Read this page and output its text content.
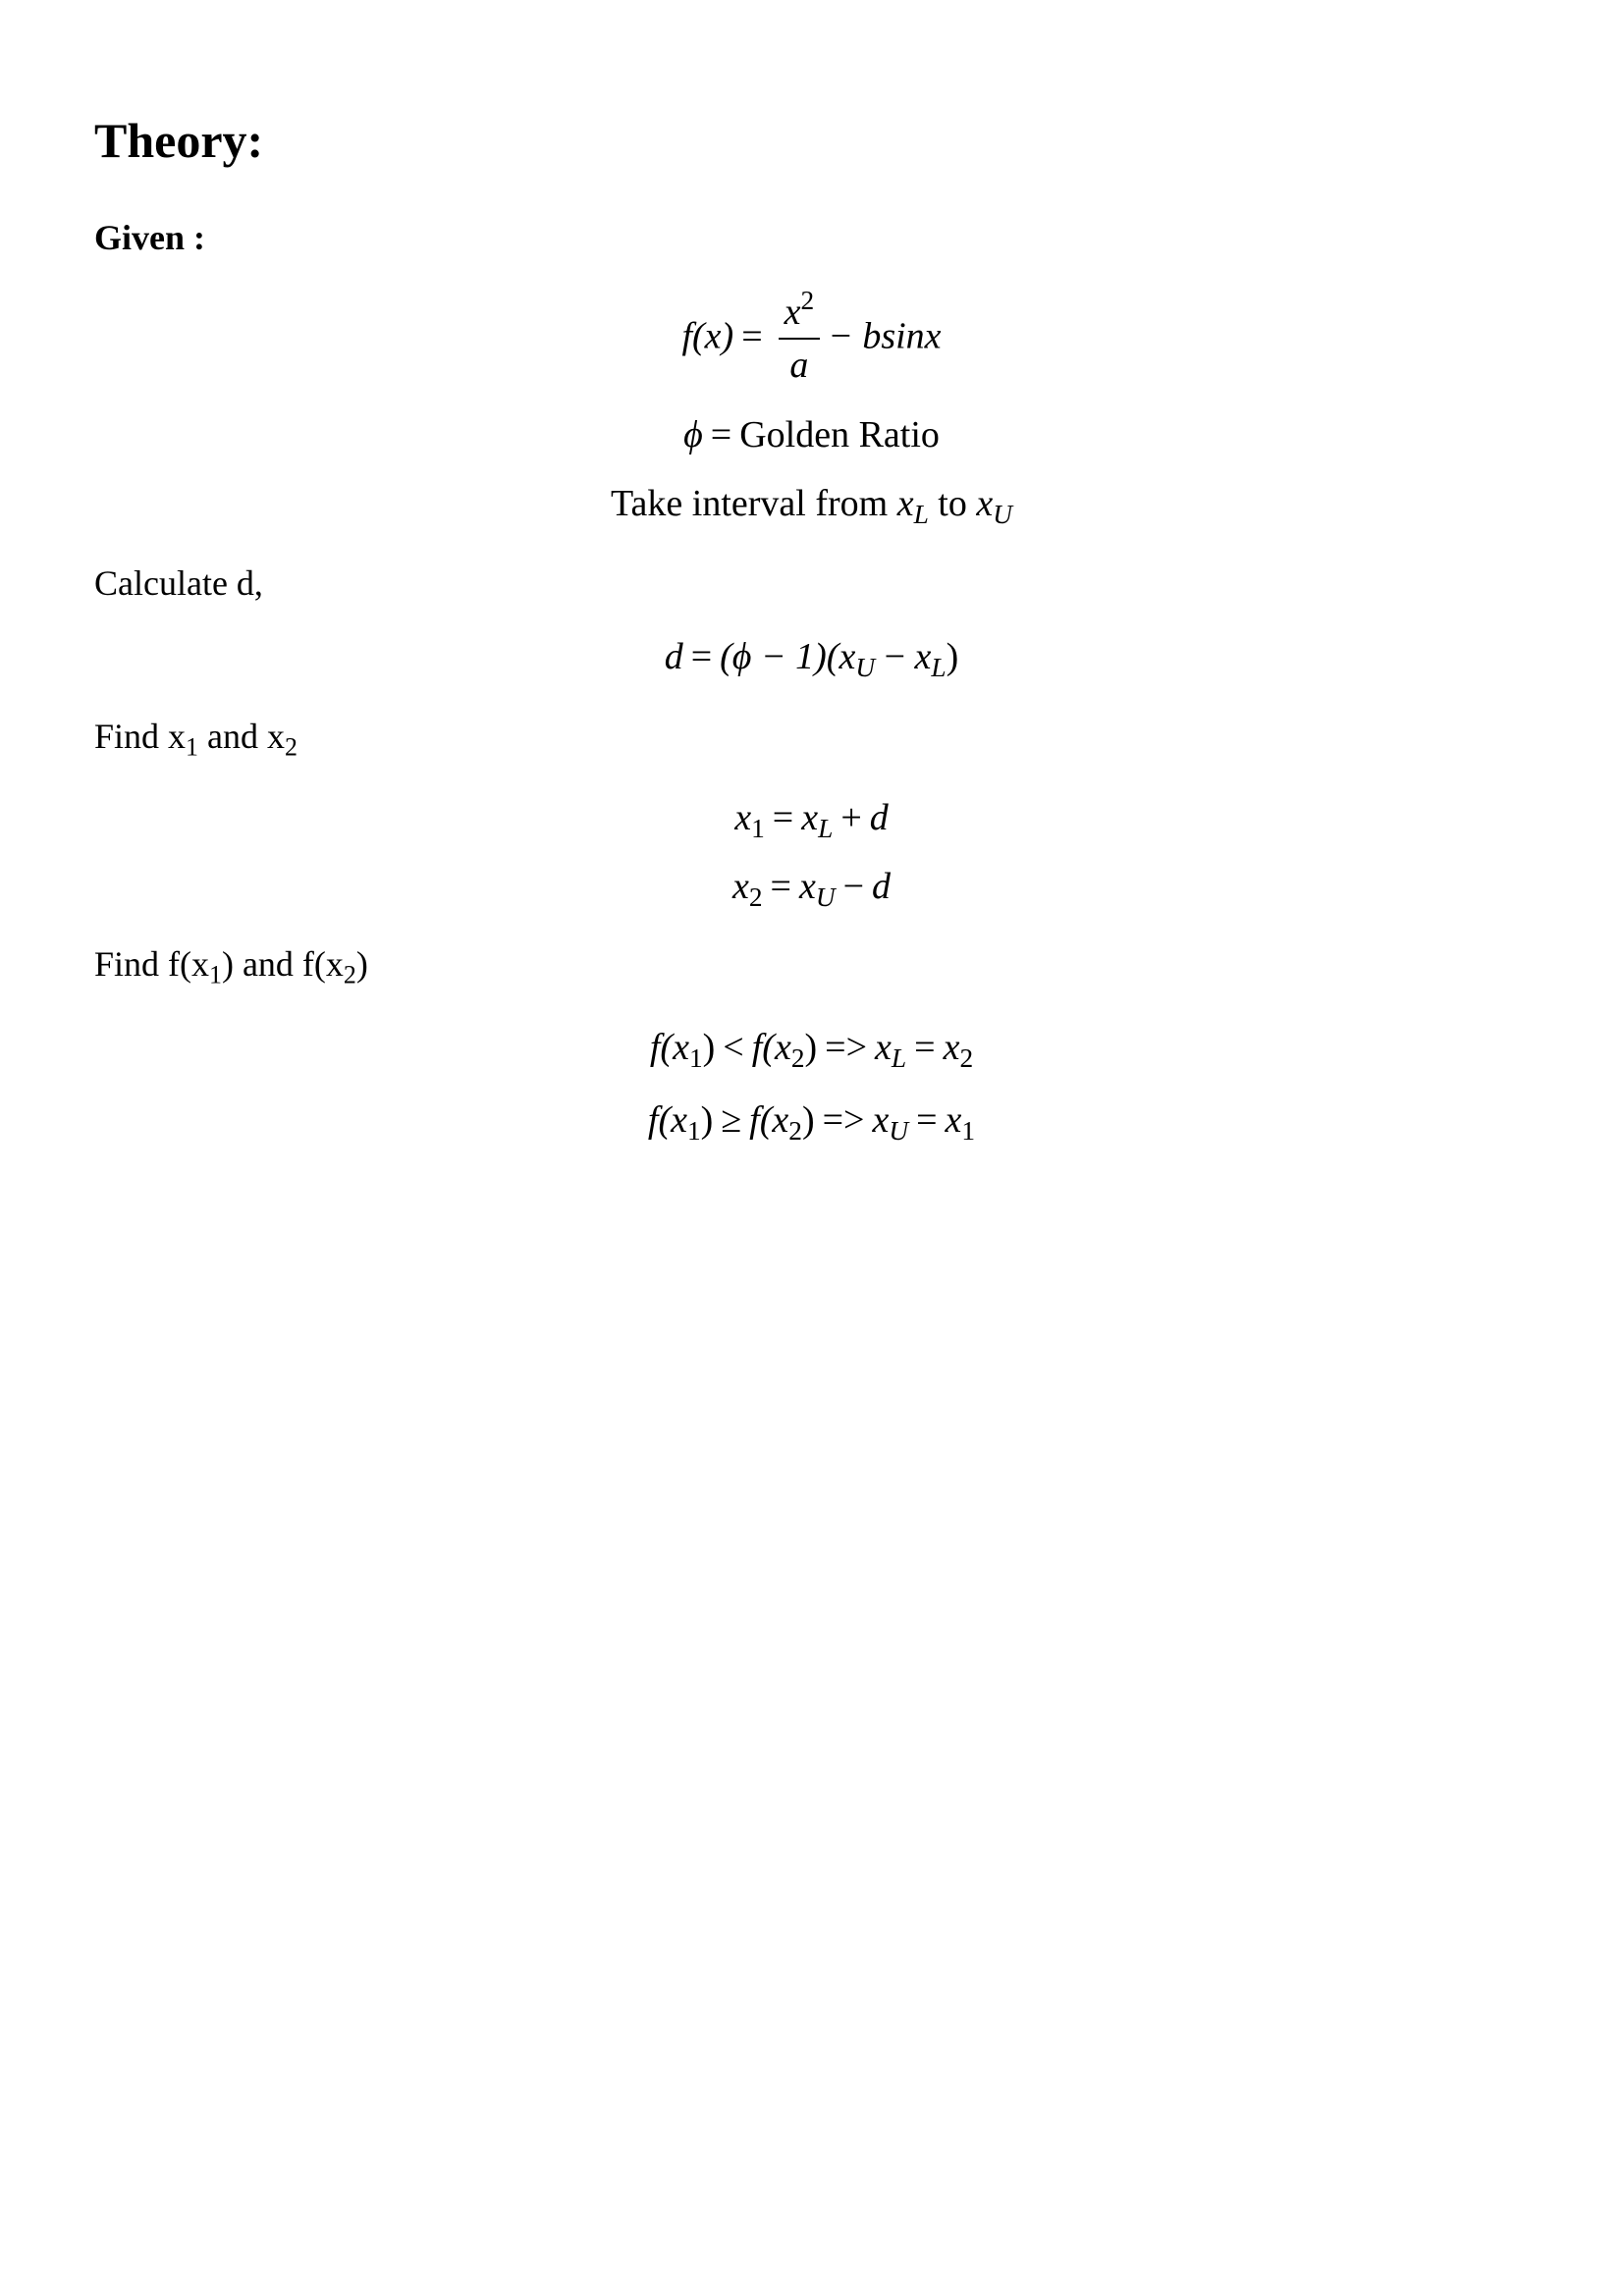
Theory:
Given :
$f(x) = \frac{x^2}{a} - bsinx$
ϕ = Golden Ratio
Take interval from $x_L$ to $x_U$
Calculate d,
$d = (\phi - 1)(x_U - x_L)$
Find $x_1$ and $x_2$
$x_1 = x_L + d$
$x_2 = x_U - d$
Find $f(x_1)$ and $f(x_2)$
$f(x_1) < f(x_2) => x_L = x_2$
$f(x_1) \ge f(x_2) => x_U = x_1$
